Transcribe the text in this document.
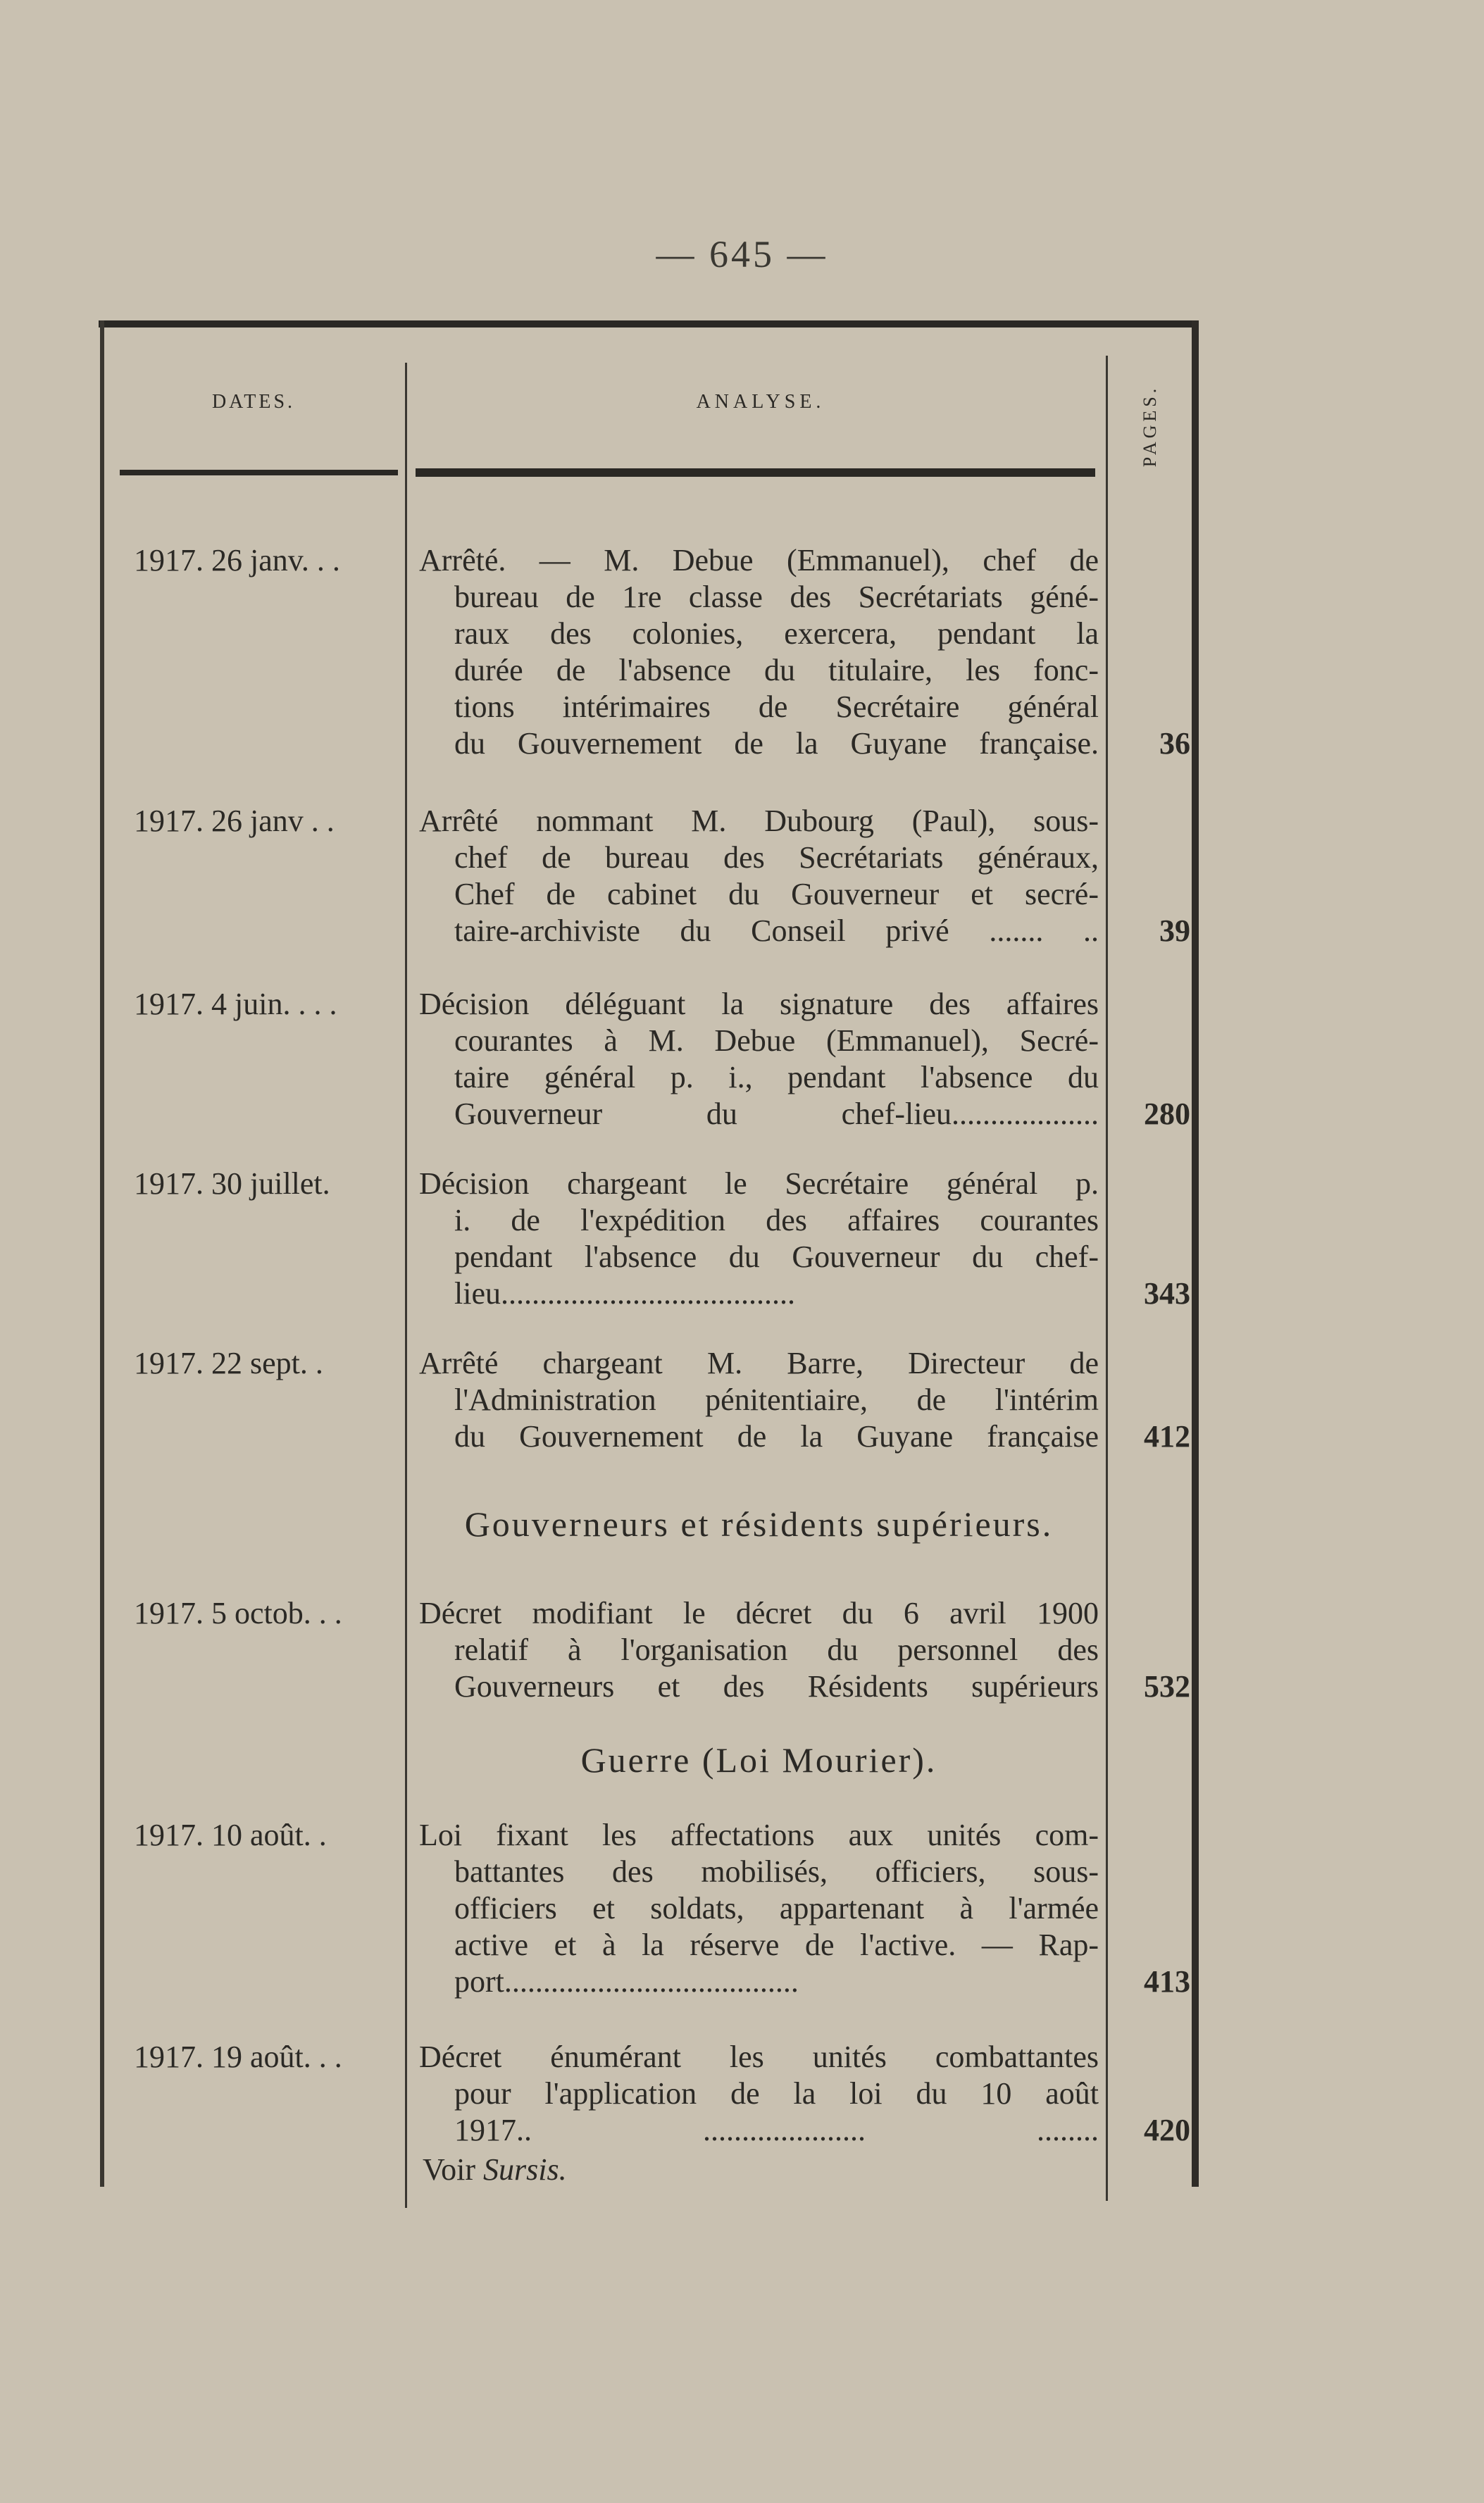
— 645 —
DATES.	ANALYSE.	PAGES.
1917. 26 janv. . .	Arrêté. — M. Debue (Emmanuel), chef de
bureau de 1re classe des Secrétariats géné-
raux des colonies, exercera, pendant la
durée de l'absence du titulaire, les fonc-
tions intérimaires de Secrétaire général
du Gouvernement de la Guyane française.	36
1917. 26 janv . .	Arrêté nommant M. Dubourg (Paul), sous-
chef de bureau des Secrétariats généraux,
Chef de cabinet du Gouverneur et secré-
taire-archiviste du Conseil privé ....... ..	39
1917. 4 juin. . . .	Décision déléguant la signature des affaires
courantes à M. Debue (Emmanuel), Secré-
taire général p. i., pendant l'absence du
Gouverneur du chef-lieu...................	280
1917. 30 juillet.	Décision chargeant le Secrétaire général p.
i. de l'expédition des affaires courantes
pendant l'absence du Gouverneur du chef-
lieu......................................	343
1917. 22 sept. .	Arrêté chargeant M. Barre, Directeur de
l'Administration pénitentiaire, de l'intérim
du Gouvernement de la Guyane française	412
Gouverneurs et résidents supérieurs.
1917. 5 octob. . .	Décret modifiant le décret du 6 avril 1900
relatif à l'organisation du personnel des
Gouverneurs et des Résidents supérieurs	532
Guerre (Loi Mourier).
1917. 10 août. .	Loi fixant les affectations aux unités com-
battantes des mobilisés, officiers, sous-
officiers et soldats, appartenant à l'armée
active et à la réserve de l'active. — Rap-
port......................................	413
1917. 19 août. . .	Décret énumérant les unités combattantes
pour l'application de la loi du 10 août
1917.. ..................... ........	420
Voir Sursis.
